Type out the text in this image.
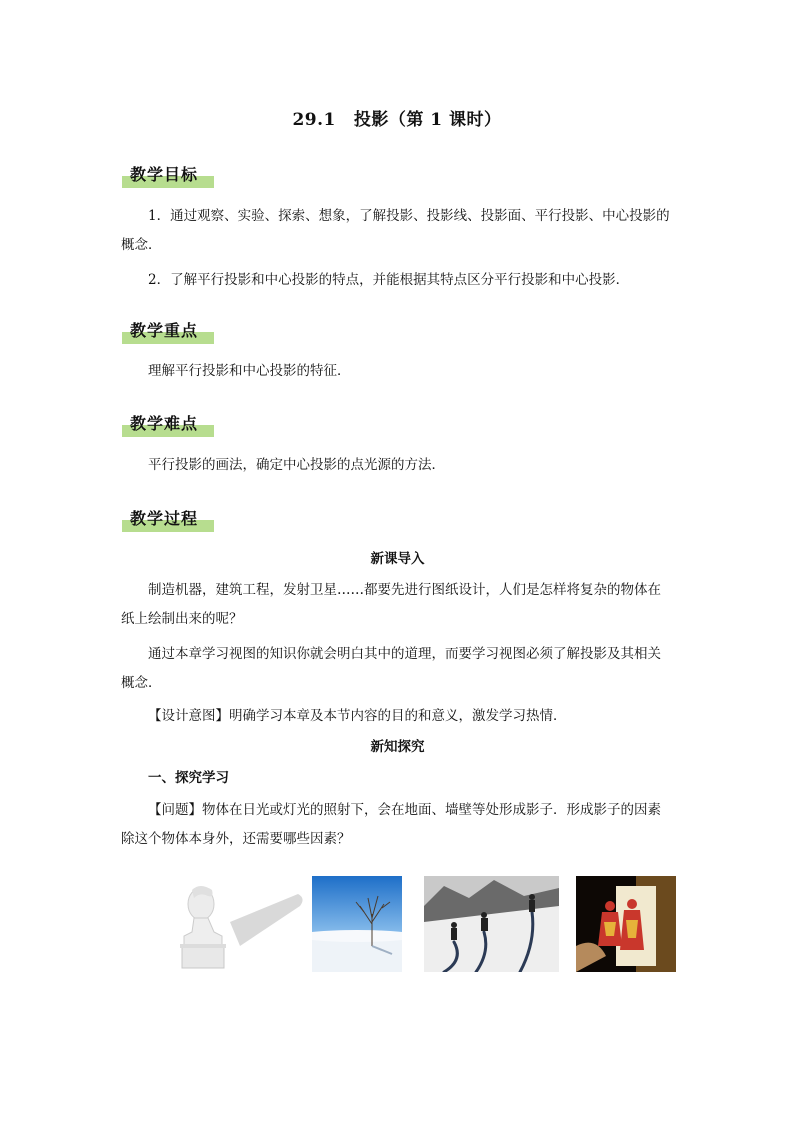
29.1 投影（第 1 课时）
教学目标
1．通过观察、实验、探索、想象，了解投影、投影线、投影面、平行投影、中心投影的概念．
2．了解平行投影和中心投影的特点，并能根据其特点区分平行投影和中心投影．
教学重点
理解平行投影和中心投影的特征．
教学难点
平行投影的画法，确定中心投影的点光源的方法．
教学过程
新课导入
制造机器，建筑工程，发射卫星……都要先进行图纸设计，人们是怎样将复杂的物体在纸上绘制出来的呢？
通过本章学习视图的知识你就会明白其中的道理，而要学习视图必须了解投影及其相关概念．
【设计意图】明确学习本章及本节内容的目的和意义，激发学习热情．
新知探究
一、探究学习
【问题】物体在日光或灯光的照射下，会在地面、墙壁等处形成影子．形成影子的因素除这个物体本身外，还需要哪些因素？
